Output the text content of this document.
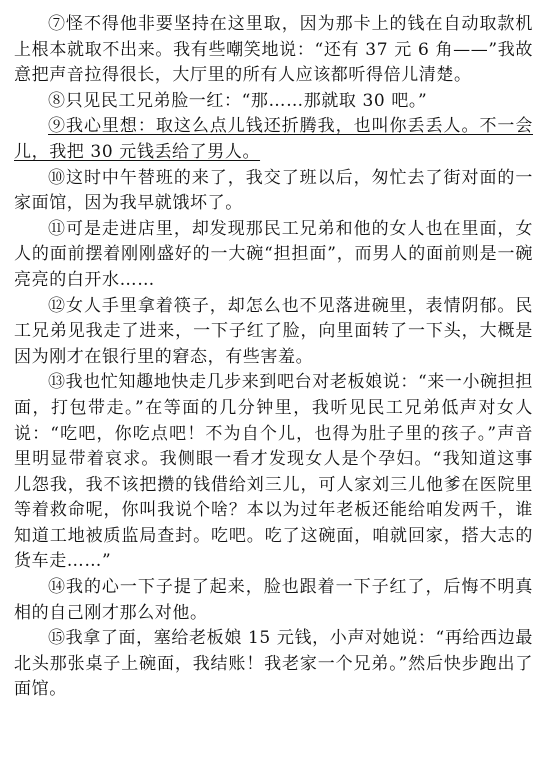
⑦怪不得他非要坚持在这里取，因为那卡上的钱在自动取款机上根本就取不出来。我有些嘲笑地说：“还有 37 元 6 角——”我故意把声音拉得很长，大厅里的所有人应该都听得倍儿清楚。

⑧只见民工兄弟脸一红：“那……那就取 30 吧。”

⑨我心里想：取这么点儿钱还折腾我，也叫你丢丢人。不一会儿，我把 30 元钱丢给了男人。

⑩这时中午替班的来了，我交了班以后，匆忙去了街对面的一家面馆，因为我早就饿坏了。

⑪可是走进店里，却发现那民工兄弟和他的女人也在里面，女人的面前摆着刚刚盛好的一大碗“担担面”，而男人的面前则是一碗亮亮的白开水……

⑫女人手里拿着筷子，却怎么也不见落进碗里，表情阴郁。民工兄弟见我走了进来，一下子红了脸，向里面转了一下头，大概是因为刚才在银行里的窘态，有些害羞。

⑬我也忙知趣地快走几步来到吧台对老板娘说：“来一小碗担担面，打包带走。”在等面的几分钟里，我听见民工兄弟低声对女人说：“吃吧，你吃点吧！不为自个儿，也得为肚子里的孩子。”声音里明显带着哀求。我侧眼一看才发现女人是个孕妇。“我知道这事儿怨我，我不该把攒的钱借给刘三儿，可人家刘三儿他爹在医院里等着救命呢，你叫我说个啥？本以为过年老板还能给咱发两千，谁知道工地被质监局查封。吃吧。吃了这碗面，咱就回家，搭大志的货车走……”

⑭我的心一下子提了起来，脸也跟着一下子红了，后悔不明真相的自己刚才那么对他。

⑮我拿了面，塞给老板娘 15 元钱，小声对她说：“再给西边最北头那张桌子上碗面，我结账！我老家一个兄弟。”然后快步跑出了面馆。
